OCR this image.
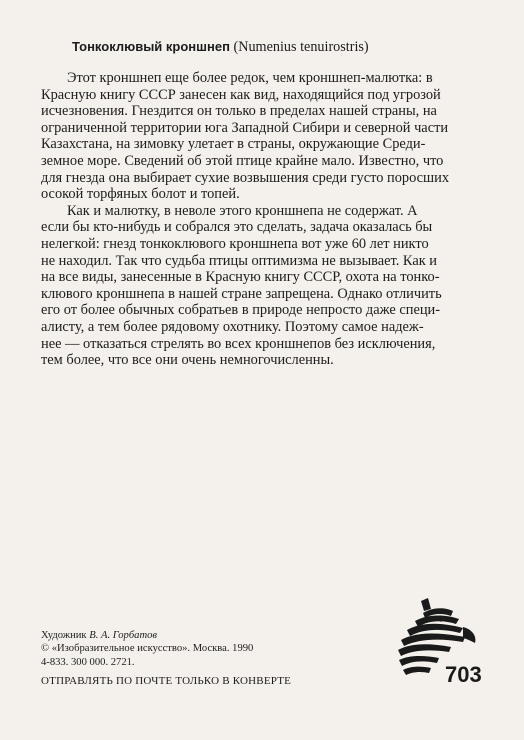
Тонкоклювый кроншнеп (Numenius tenuirostris)
Этот кроншнеп еще более редок, чем кроншнеп-малютка: в
Красную книгу СССР занесен как вид, находящийся под угрозой
исчезновения. Гнездится он только в пределах нашей страны, на
ограниченной территории юга Западной Сибири и северной части
Казахстана, на зимовку улетает в страны, окружающие Среди-
земное море. Сведений об этой птице крайне мало. Известно, что
для гнезда она выбирает сухие возвышения среди густо поросших
осокой торфяных болот и топей.
Как и малютку, в неволе этого кроншнепа не содержат. А
если бы кто-нибудь и собрался это сделать, задача оказалась бы
нелегкой: гнезд тонкоклювого кроншнепа вот уже 60 лет никто
не находил. Так что судьба птицы оптимизма не вызывает. Как и
на все виды, занесенные в Красную книгу СССР, охота на тонко-
клювого кроншнепа в нашей стране запрещена. Однако отличить
его от более обычных собратьев в природе непросто даже специ-
алисту, а тем более рядовому охотнику. Поэтому самое надеж-
нее — отказаться стрелять во всех кроншнепов без исключения,
тем более, что все они очень немногочисленны.
Художник В. А. Горбатов
© «Изобразительное искусство». Москва. 1990
4-833. 300 000. 2721.
ОТПРАВЛЯТЬ ПО ПОЧТЕ ТОЛЬКО В КОНВЕРТЕ	703
